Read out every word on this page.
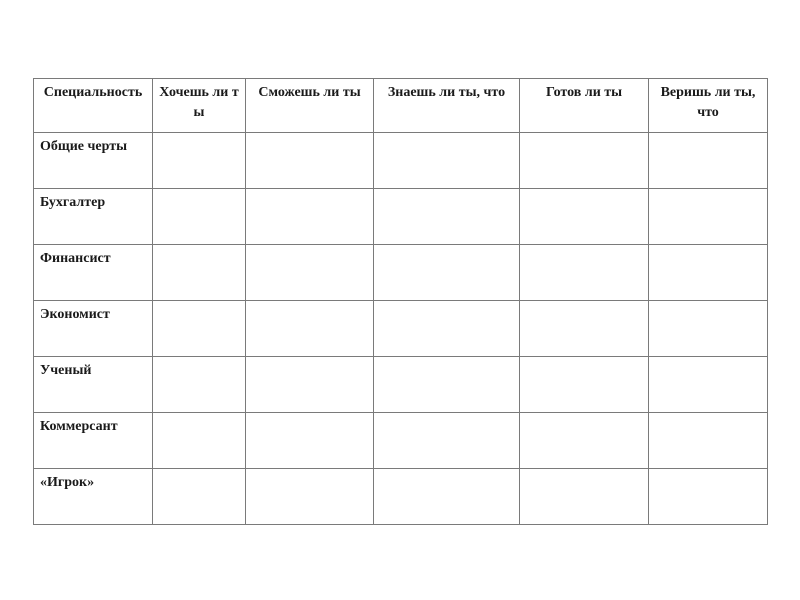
Специальность	Хочешь ли ты	Сможешь ли ты	Знаешь ли ты, что	Готов ли ты	Веришь ли ты, что
Общие черты					
Бухгалтер					
Финансист					
Экономист					
Ученый					
Коммерсант					
«Игрок»					
